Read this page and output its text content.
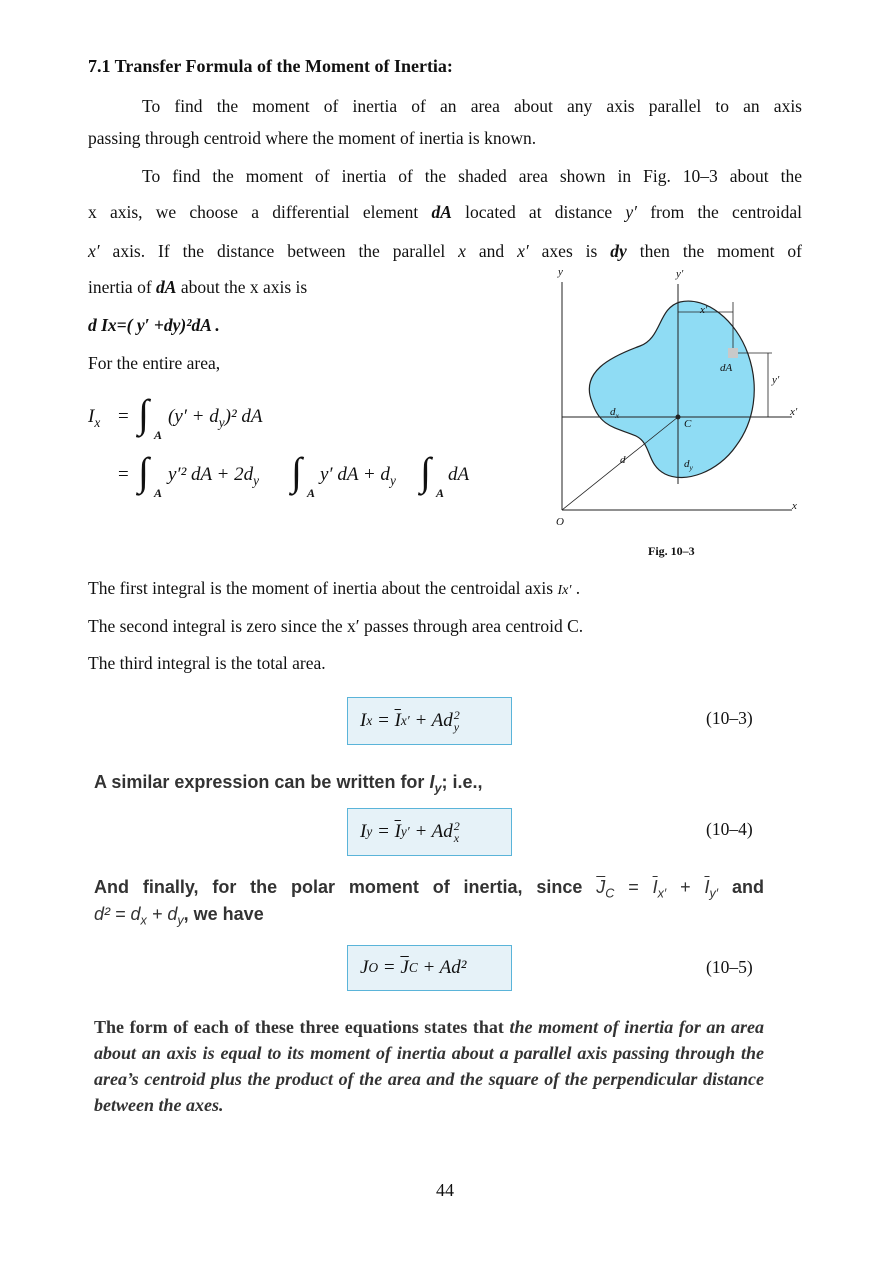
7.1 Transfer Formula of the Moment of Inertia:
To find the moment of inertia of an area about any axis parallel to an axis
passing through centroid where the moment of inertia is known.
To find the moment of inertia of the shaded area shown in Fig. 10–3 about the
x axis, we choose a differential element dA located at distance y′ from the centroidal
x′ axis. If the distance between the parallel x and x′ axes is dy then the moment of
inertia of dA about the x axis is
d Ix=( y′ +dy)²dA .
For the entire area,
$I_x$ = ∫ A
$(y' + d_y)^2$ dA
= ∫ A
y′² dA + $2d_y$ ∫ A
y′ dA + $d_y$ ∫ A
dA
y	y′
x′
dA
y′
x′
$d_x$
C
d	$d_y$
x
O
Fig. 10–3
The first integral is the moment of inertia about the centroidal axis Ix′ .
The second integral is zero since the x′ passes through area centroid C.
The third integral is the total area.
I $x = \overline{I}$ x′ + Ad 2
y	(10–3)
A similar expression can be written for $I_y$; i.e.,
I $y = \overline{I}$ y′ + Ad 2
x	(10–4)
And finally, for the polar moment of inertia, since $\overline{J}_C = \overline{I}_{x'} + \overline{I}_{y'}$ and
$d^2 = d_x + d_y$, we have
J $O = \overline{J}$ C + Ad²	(10–5)
The form of each of these three equations states that the moment of inertia for an area about an axis is equal to its moment of inertia about a parallel axis passing through the area’s centroid plus the product of the area and the square of the perpendicular distance between the axes.
44
